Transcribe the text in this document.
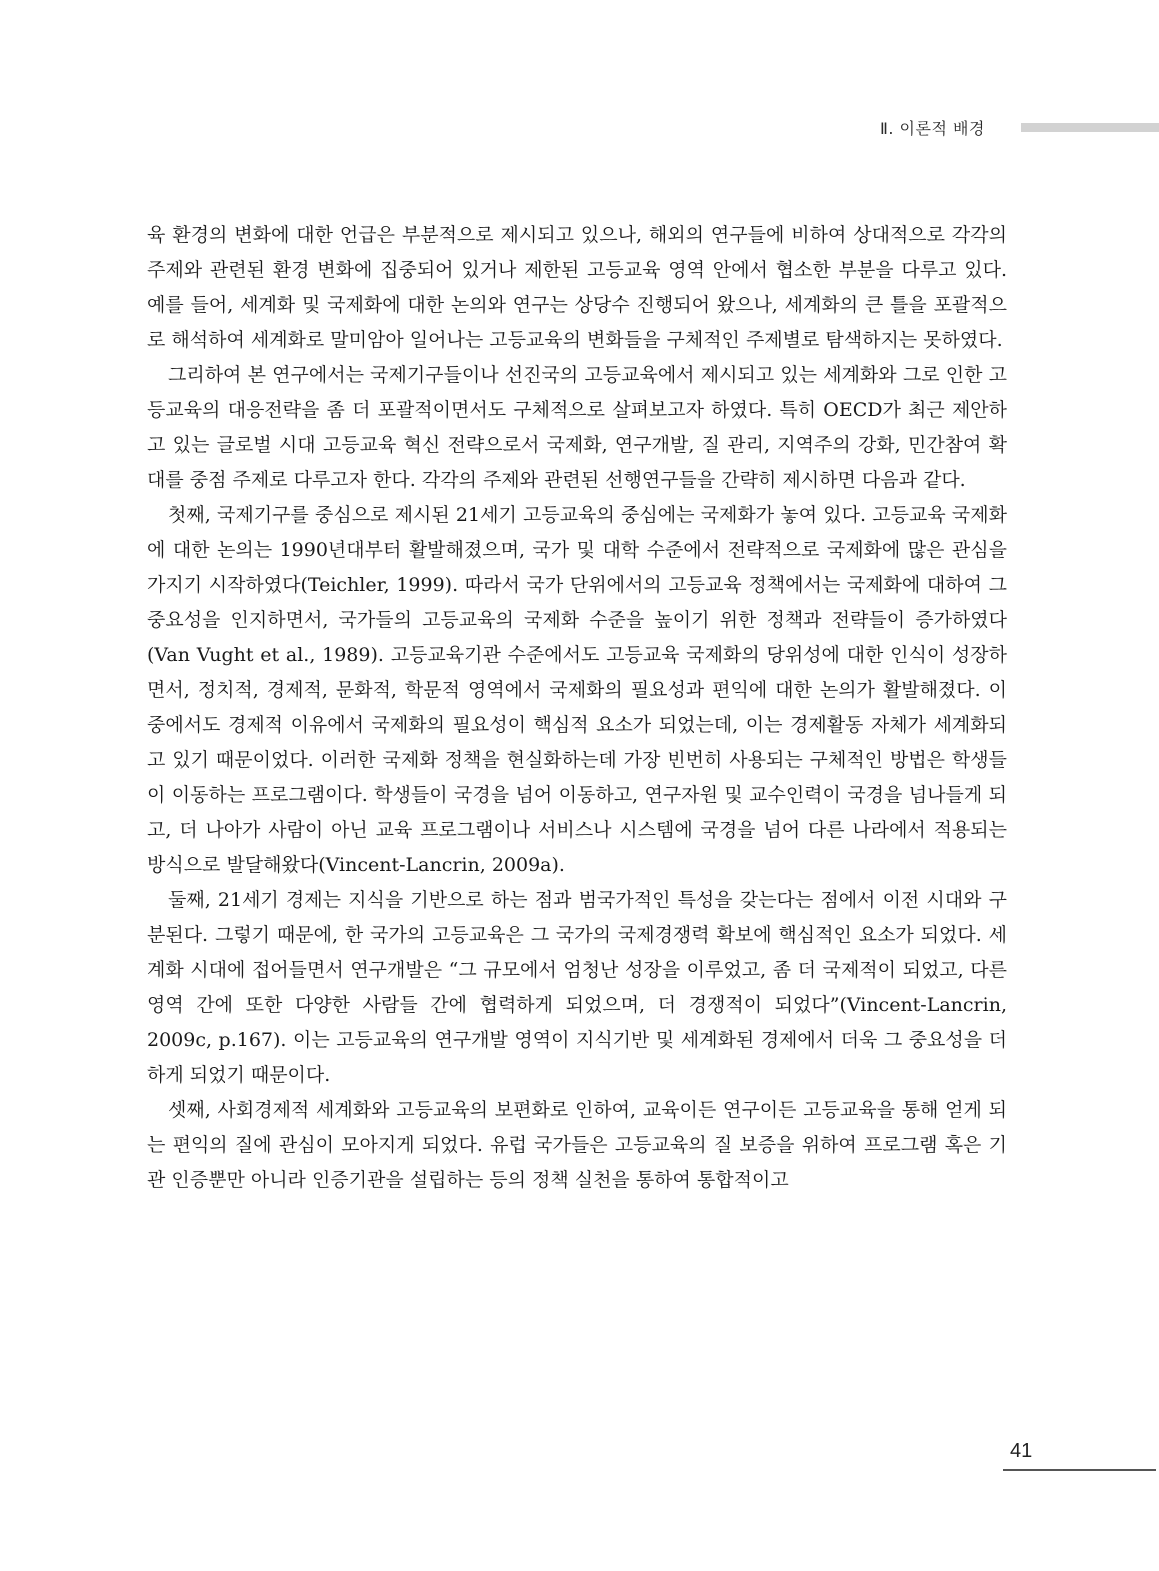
Ⅱ. 이론적 배경

육 환경의 변화에 대한 언급은 부분적으로 제시되고 있으나, 해외의 연구들에 비하여 상대적으로 각각의 주제와 관련된 환경 변화에 집중되어 있거나 제한된 고등교육 영역 안에서 협소한 부분을 다루고 있다. 예를 들어, 세계화 및 국제화에 대한 논의와 연구는 상당수 진행되어 왔으나, 세계화의 큰 틀을 포괄적으로 해석하여 세계화로 말미암아 일어나는 고등교육의 변화들을 구체적인 주제별로 탐색하지는 못하였다.

그리하여 본 연구에서는 국제기구들이나 선진국의 고등교육에서 제시되고 있는 세계화와 그로 인한 고등교육의 대응전략을 좀 더 포괄적이면서도 구체적으로 살펴보고자 하였다. 특히 OECD가 최근 제안하고 있는 글로벌 시대 고등교육 혁신 전략으로서 국제화, 연구개발, 질 관리, 지역주의 강화, 민간참여 확대를 중점 주제로 다루고자 한다. 각각의 주제와 관련된 선행연구들을 간략히 제시하면 다음과 같다.

첫째, 국제기구를 중심으로 제시된 21세기 고등교육의 중심에는 국제화가 놓여 있다. 고등교육 국제화에 대한 논의는 1990년대부터 활발해졌으며, 국가 및 대학 수준에서 전략적으로 국제화에 많은 관심을 가지기 시작하였다(Teichler, 1999). 따라서 국가 단위에서의 고등교육 정책에서는 국제화에 대하여 그 중요성을 인지하면서, 국가들의 고등교육의 국제화 수준을 높이기 위한 정책과 전략들이 증가하였다(Van Vught et al., 1989). 고등교육기관 수준에서도 고등교육 국제화의 당위성에 대한 인식이 성장하면서, 정치적, 경제적, 문화적, 학문적 영역에서 국제화의 필요성과 편익에 대한 논의가 활발해졌다. 이 중에서도 경제적 이유에서 국제화의 필요성이 핵심적 요소가 되었는데, 이는 경제활동 자체가 세계화되고 있기 때문이었다. 이러한 국제화 정책을 현실화하는데 가장 빈번히 사용되는 구체적인 방법은 학생들이 이동하는 프로그램이다. 학생들이 국경을 넘어 이동하고, 연구자원 및 교수인력이 국경을 넘나들게 되고, 더 나아가 사람이 아닌 교육 프로그램이나 서비스나 시스템에 국경을 넘어 다른 나라에서 적용되는 방식으로 발달해왔다(Vincent-Lancrin, 2009a).

둘째, 21세기 경제는 지식을 기반으로 하는 점과 범국가적인 특성을 갖는다는 점에서 이전 시대와 구분된다. 그렇기 때문에, 한 국가의 고등교육은 그 국가의 국제경쟁력 확보에 핵심적인 요소가 되었다. 세계화 시대에 접어들면서 연구개발은 “그 규모에서 엄청난 성장을 이루었고, 좀 더 국제적이 되었고, 다른 영역 간에 또한 다양한 사람들 간에 협력하게 되었으며, 더 경쟁적이 되었다”(Vincent-Lancrin, 2009c, p.167). 이는 고등교육의 연구개발 영역이 지식기반 및 세계화된 경제에서 더욱 그 중요성을 더하게 되었기 때문이다.

셋째, 사회경제적 세계화와 고등교육의 보편화로 인하여, 교육이든 연구이든 고등교육을 통해 얻게 되는 편익의 질에 관심이 모아지게 되었다. 유럽 국가들은 고등교육의 질 보증을 위하여 프로그램 혹은 기관 인증뿐만 아니라 인증기관을 설립하는 등의 정책 실천을 통하여 통합적이고

41
